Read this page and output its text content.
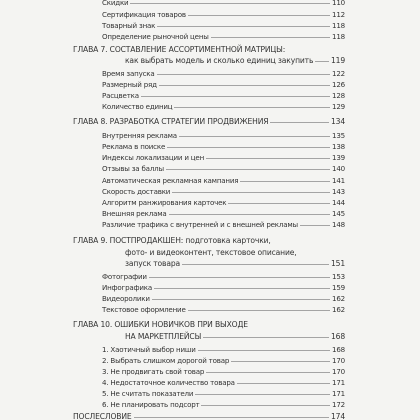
Скидки	110
Сертификация товаров	112
Товарный знак	118
Определение рыночной цены	118
ГЛАВА 7. СОСТАВЛЕНИЕ АССОРТИМЕНТНОЙ МАТРИЦЫ:
как выбрать модель и сколько единиц закупить 119
Время запуска	122
Размерный ряд	126
Расцветка	128
Количество единиц	129
ГЛАВА 8. РАЗРАБОТКА СТРАТЕГИИ ПРОДВИЖЕНИЯ	134
Внутренняя реклама	135
Реклама в поиске	138
Индексы локализации и цен	139
Отзывы за баллы	140
Автоматическая рекламная кампания	141
Скорость доставки	143
Алгоритм ранжирования карточек	144
Внешняя реклама	145
Различие трафика с внутренней и с внешней рекламы	148
ГЛАВА 9. ПОСТПРОДАКШЕН: подготовка карточки,
фото- и видеоконтент, текстовое описание,
запуск товара	151
Фотографии	153
Инфографика	159
Видеоролики	162
Текстовое оформление	162
ГЛАВА 10. ОШИБКИ НОВИЧКОВ ПРИ ВЫХОДЕ
НА МАРКЕТПЛЕЙСЫ	168
1. Хаотичный выбор ниши	168
2. Выбрать слишком дорогой товар	170
3. Не продвигать свой товар	170
4. Недостаточное количество товара	171
5. Не считать показатели	171
6. Не планировать подсорт	172
ПОСЛЕСЛОВИЕ	174
